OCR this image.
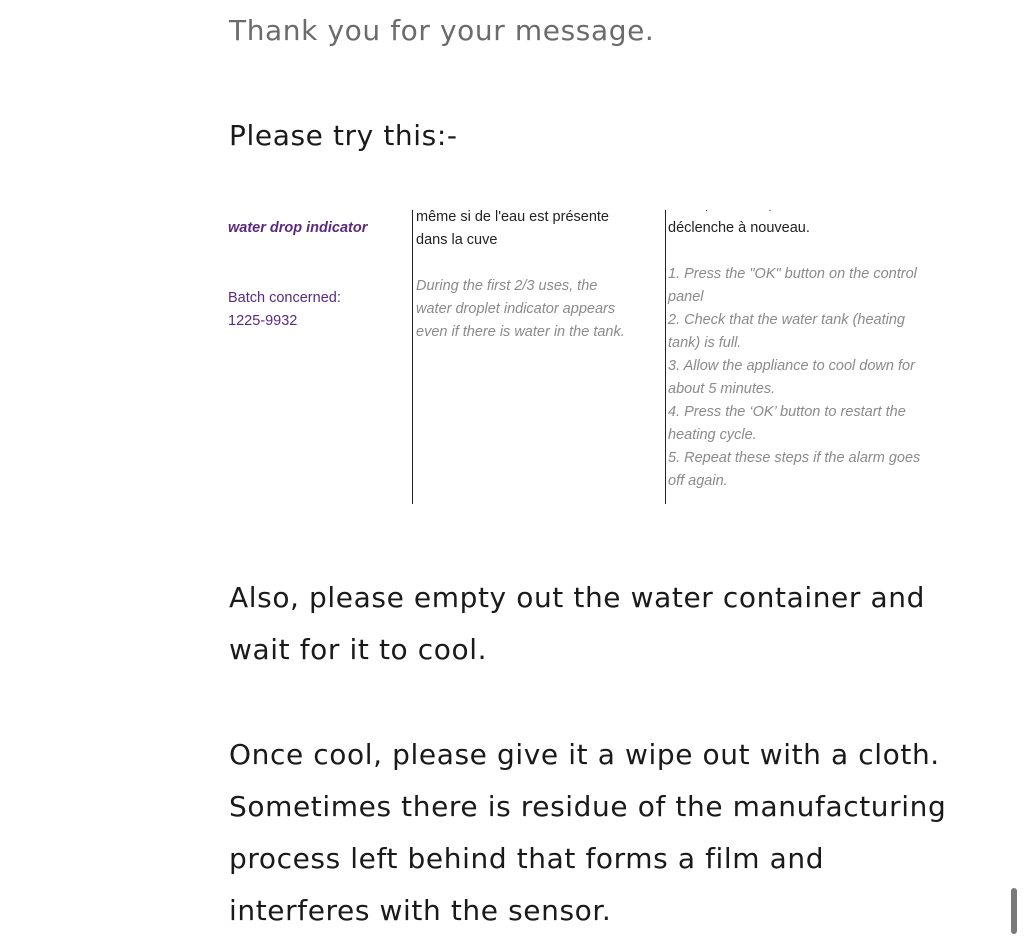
Thank you for your message.

Please try this:-

··
water drop indicator
Batch concerned:
1225-9932
même si de l'eau est présente
dans la cuve
During the first 2/3 uses, the
water droplet indicator appears
even if there is water in the tank.
déclenche à nouveau.
1. Press the "OK" button on the control
panel
2. Check that the water tank (heating
tank) is full.
3. Allow the appliance to cool down for
about 5 minutes.
4. Press the ‘OK’ button to restart the
heating cycle.
5. Repeat these steps if the alarm goes
off again.
Also, please empty out the water container and
wait for it to cool.
Once cool, please give it a wipe out with a cloth.
Sometimes there is residue of the manufacturing
process left behind that forms a film and
interferes with the sensor.
